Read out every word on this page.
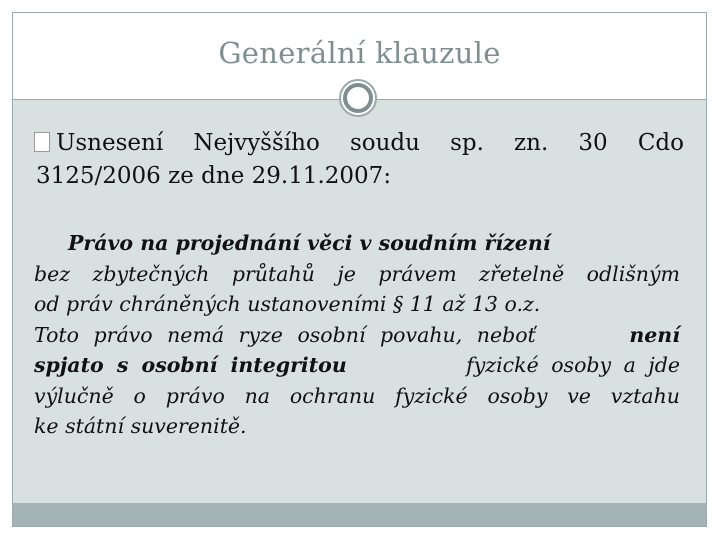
Generální klauzule
Usnesení Nejvyššího soudu sp. zn. 30 Cdo
3125/2006 ze dne 29.11.2007:

Právo na projednání věci v soudním řízení

bez zbytečných průtahů je právem zřetelně odlišným

od práv chráněných ustanoveními § 11 až 13 o.z.

Toto právo nemá ryze osobní povahu, neboť	není
spjato s osobní integritou	fyzické osoby a jde

výlučně o právo na ochranu fyzické osoby ve vztahu

ke státní suverenitě.
